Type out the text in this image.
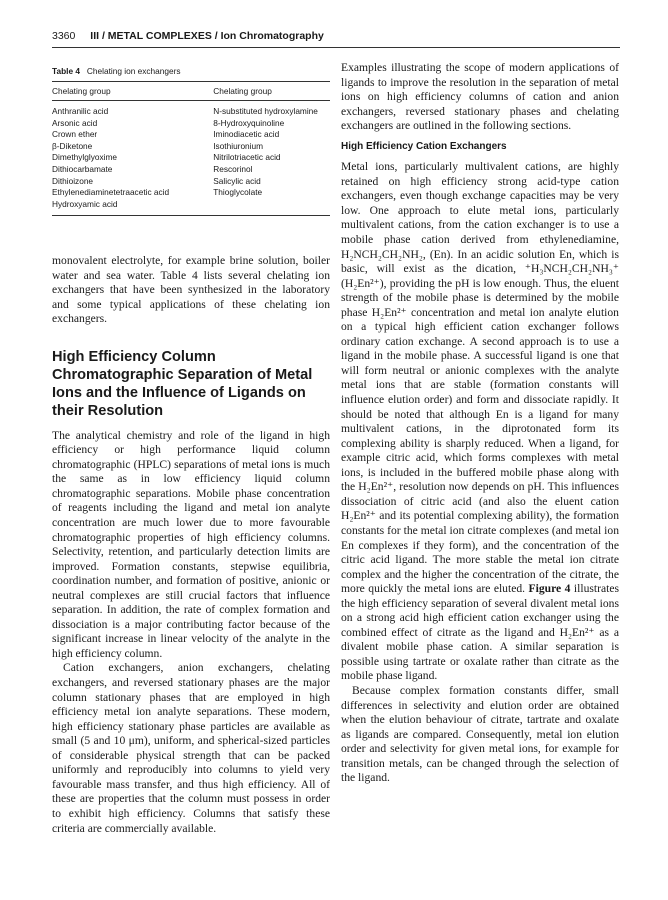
3360 III / METAL COMPLEXES / Ion Chromatography
Table 4 Chelating ion exchangers
Chelating group	Chelating group
Anthranilic acid	N-substituted hydroxylamine
Arsonic acid	8-Hydroxyquinoline
Crown ether	Iminodiacetic acid
β-Diketone	Isothiuronium
Dimethylglyoxime	Nitrilotriacetic acid
Dithiocarbamate	Rescorinol
Dithioizone	Salicylic acid
Ethylenediaminetetraacetic acid	Thioglycolate
Hydroxyamic acid	

monovalent electrolyte, for example brine solution, boiler water and sea water. Table 4 lists several chelating ion exchangers that have been synthesized in the laboratory and some typical applications of these chelating ion exchangers.

High Efficiency Column Chromatographic Separation of Metal Ions and the Influence of Ligands on their Resolution

The analytical chemistry and role of the ligand in high efficiency or high performance liquid column chromatographic (HPLC) separations of metal ions is much the same as in low efficiency liquid column chromatographic separations. Mobile phase concentration of reagents including the ligand and metal ion analyte concentration are much lower due to more favourable chromatographic properties of high efficiency columns. Selectivity, retention, and particularly detection limits are improved. Formation constants, stepwise equilibria, coordination number, and formation of positive, anionic or neutral complexes are still crucial factors that influence separation. In addition, the rate of complex formation and dissociation is a major contributing factor because of the significant increase in linear velocity of the analyte in the high efficiency column.

Cation exchangers, anion exchangers, chelating exchangers, and reversed stationary phases are the major column stationary phases that are employed in high efficiency metal ion analyte separations. These modern, high efficiency stationary phase particles are available as small (5 and 10 μm), uniform, and spherical-sized particles of considerable physical strength that can be packed uniformly and reproducibly into columns to yield very favourable mass transfer, and thus high efficiency. All of these are properties that the column must possess in order to exhibit high efficiency. Columns that satisfy these criteria are commercially available.

Examples illustrating the scope of modern applications of ligands to improve the resolution in the separation of metal ions on high efficiency columns of cation and anion exchangers, reversed stationary phases and chelating exchangers are outlined in the following sections.

High Efficiency Cation Exchangers

Metal ions, particularly multivalent cations, are highly retained on high efficiency strong acid-type cation exchangers, even though exchange capacities may be very low. One approach to elute metal ions, particularly multivalent cations, from the cation exchanger is to use a mobile phase cation derived from ethylenediamine, H₂NCH₂CH₂NH₂, (En). In an acidic solution En, which is basic, will exist as the dication, ⁺H₃NCH₂CH₂NH₃⁺ (H₂En²⁺), providing the pH is low enough. Thus, the eluent strength of the mobile phase is determined by the mobile phase H₂En²⁺ concentration and metal ion analyte elution on a typical high efficient cation exchanger follows ordinary cation exchange. A second approach is to use a ligand in the mobile phase. A successful ligand is one that will form neutral or anionic complexes with the analyte metal ions that are stable (formation constants will influence elution order) and form and dissociate rapidly. It should be noted that although En is a ligand for many multivalent cations, in the diprotonated form its complexing ability is sharply reduced. When a ligand, for example citric acid, which forms complexes with metal ions, is included in the buffered mobile phase along with the H₂En²⁺, resolution now depends on pH. This influences dissociation of citric acid (and also the eluent cation H₂En²⁺ and its potential complexing ability), the formation constants for the metal ion citrate complexes (and metal ion En complexes if they form), and the concentration of the citric acid ligand. The more stable the metal ion citrate complex and the higher the concentration of the citrate, the more quickly the metal ions are eluted. Figure 4 illustrates the high efficiency separation of several divalent metal ions on a strong acid high efficient cation exchanger using the combined effect of citrate as the ligand and H₂En²⁺ as a divalent mobile phase cation. A similar separation is possible using tartrate or oxalate rather than citrate as the mobile phase ligand.

Because complex formation constants differ, small differences in selectivity and elution order are obtained when the elution behaviour of citrate, tartrate and oxalate as ligands are compared. Consequently, metal ion elution order and selectivity for given metal ions, for example for transition metals, can be changed through the selection of the ligand.
